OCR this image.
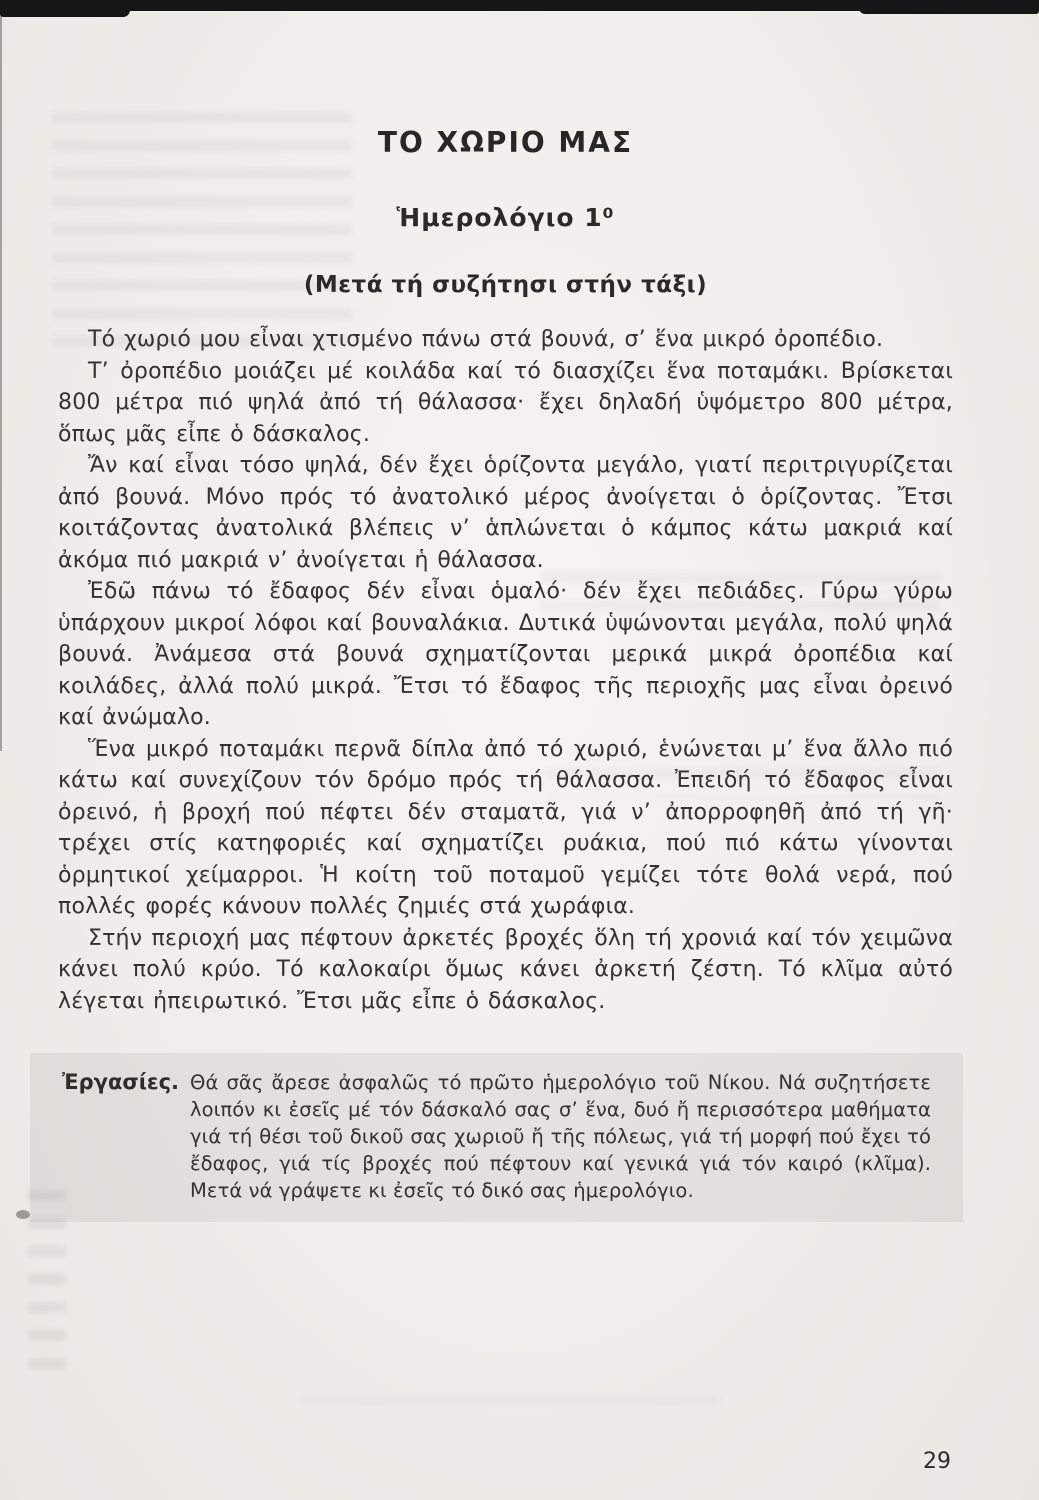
ΤΟ ΧΩΡΙΟ ΜΑΣ
Ἡμερολόγιο 1⁰
(Μετά τή συζήτησι στήν τάξι)

Τό χωριό μου εἶναι χτισμένο πάνω στά βουνά, σ’ ἕνα μικρό ὀροπέδιο.

Τ’ ὀροπέδιο μοιάζει μέ κοιλάδα καί τό διασχίζει ἕνα ποταμάκι. Βρίσκεται 800 μέτρα πιό ψηλά ἀπό τή θάλασσα· ἔχει δηλαδή ὑψόμετρο 800 μέτρα, ὅπως μᾶς εἶπε ὁ δάσκαλος.

Ἄν καί εἶναι τόσο ψηλά, δέν ἔχει ὁρίζοντα μεγάλο, γιατί περιτριγυρίζεται ἀπό βουνά. Μόνο πρός τό ἀνατολικό μέρος ἀνοίγεται ὁ ὁρίζοντας. Ἔτσι κοιτάζοντας ἀνατολικά βλέπεις ν’ ἁπλώνεται ὁ κάμπος κάτω μακριά καί ἀκόμα πιό μακριά ν’ ἀνοίγεται ἡ θάλασσα.

Ἐδῶ πάνω τό ἔδαφος δέν εἶναι ὁμαλό· δέν ἔχει πεδιάδες. Γύρω γύρω ὑπάρχουν μικροί λόφοι καί βουναλάκια. Δυτικά ὑψώνονται μεγάλα, πολύ ψηλά βουνά. Ἀνάμεσα στά βουνά σχηματίζονται μερικά μικρά ὀροπέδια καί κοιλάδες, ἀλλά πολύ μικρά. Ἔτσι τό ἔδαφος τῆς περιοχῆς μας εἶναι ὀρεινό καί ἀνώμαλο.

Ἕνα μικρό ποταμάκι περνᾶ δίπλα ἀπό τό χωριό, ἑνώνεται μ’ ἕνα ἄλλο πιό κάτω καί συνεχίζουν τόν δρόμο πρός τή θάλασσα. Ἐπειδή τό ἔδαφος εἶναι ὀρεινό, ἡ βροχή πού πέφτει δέν σταματᾶ, γιά ν’ ἀπορροφηθῆ ἀπό τή γῆ· τρέχει στίς κατηφοριές καί σχηματίζει ρυάκια, πού πιό κάτω γίνονται ὁρμητικοί χείμαρροι. Ἡ κοίτη τοῦ ποταμοῦ γεμίζει τότε θολά νερά, πού πολλές φορές κάνουν πολλές ζημιές στά χωράφια.

Στήν περιοχή μας πέφτουν ἀρκετές βροχές ὅλη τή χρονιά καί τόν χειμῶνα κάνει πολύ κρύο. Τό καλοκαίρι ὅμως κάνει ἀρκετή ζέστη. Τό κλῖμα αὐτό λέγεται ἠπειρωτικό. Ἔτσι μᾶς εἶπε ὁ δάσκαλος.

Ἐργασίες. Θά σᾶς ἄρεσε ἀσφαλῶς τό πρῶτο ἡμερολόγιο τοῦ Νίκου. Νά συζητήσετε λοιπόν κι ἐσεῖς μέ τόν δάσκαλό σας σ’ ἕνα, δυό ἤ περισσότερα μαθήματα γιά τή θέσι τοῦ δικοῦ σας χωριοῦ ἤ τῆς πόλεως, γιά τή μορφή πού ἔχει τό ἔδαφος, γιά τίς βροχές πού πέφτουν καί γενικά γιά τόν καιρό (κλῖμα). Μετά νά γράψετε κι ἐσεῖς τό δικό σας ἡμερολόγιο.

29
